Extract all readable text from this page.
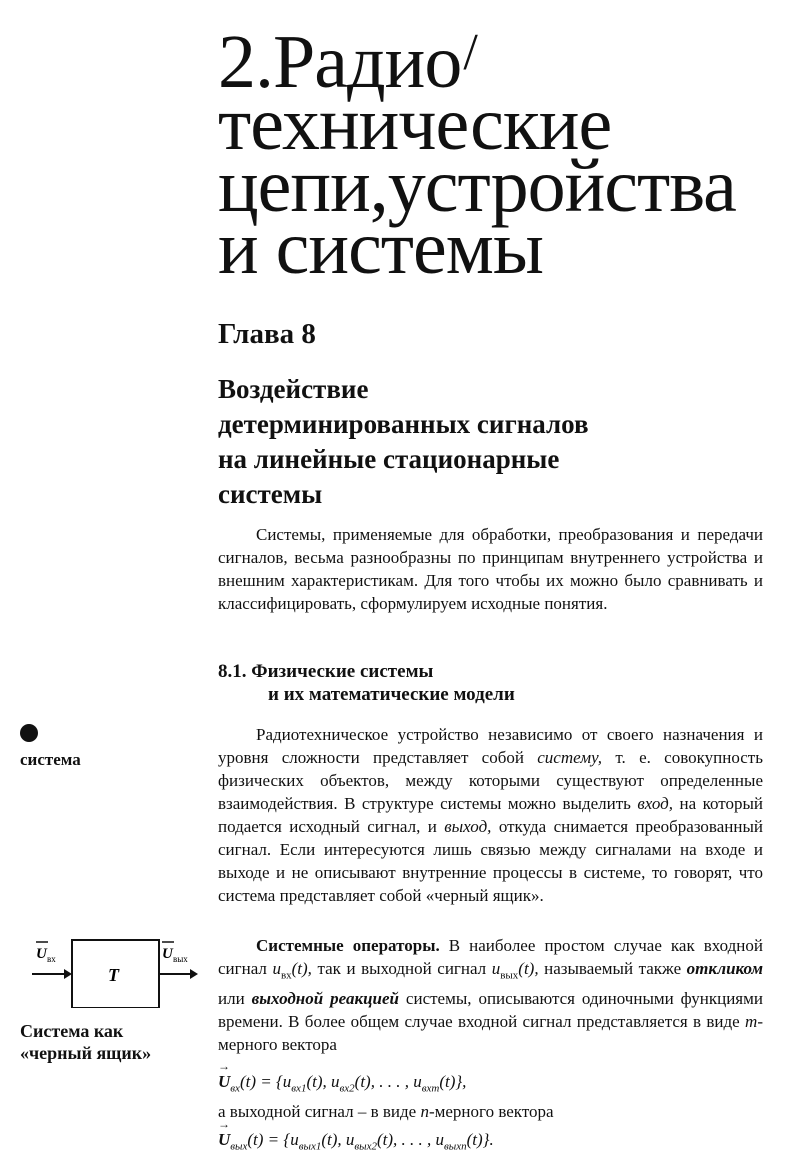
2.Радио/
технические
цепи,устройства
и системы
Глава 8
Воздействие
детерминированных сигналов
на линейные стационарные
системы

Системы, применяемые для обработки, преобразования и передачи сигналов, весьма разнообразны по принципам внутреннего устройства и внешним характеристикам. Для того чтобы их можно было сравнивать и классифицировать, сформулируем исходные понятия.

8.1. Физические системы
и их математические модели

Радиотехническое устройство независимо от своего назначения и уровня сложности представляет собой систему, т. е. совокупность физических объектов, между которыми существуют определенные взаимодействия. В структуре системы можно выделить вход, на который подается исходный сигнал, и выход, откуда снимается преобразованный сигнал. Если интересуются лишь связью между сигналами на входе и выходе и не описывают внутренние процессы в системе, то говорят, что система представляет собой «черный ящик».

Системные операторы. В наиболее простом случае как входной сигнал $u_{вх}(t)$, так и выходной сигнал $u_{вых}(t)$, называемый также откликом или выходной реакцией системы, описываются одиночными функциями времени. В более общем случае входной сигнал представляется в виде m-мерного вектора

→ $U_{вх}(t) = \{u_{вх1}(t)$, $u_{вх2}(t)$, . . . , $u_{вхm}(t)$},

а выходной сигнал – в виде n-мерного вектора

→ $U_{вых}(t) = \{u_{вых1}(t)$, $u_{вых2}(t)$, . . . , $u_{выхn}(t)$}.

система

U вх
T
U вых

Система как
«черный ящик»
